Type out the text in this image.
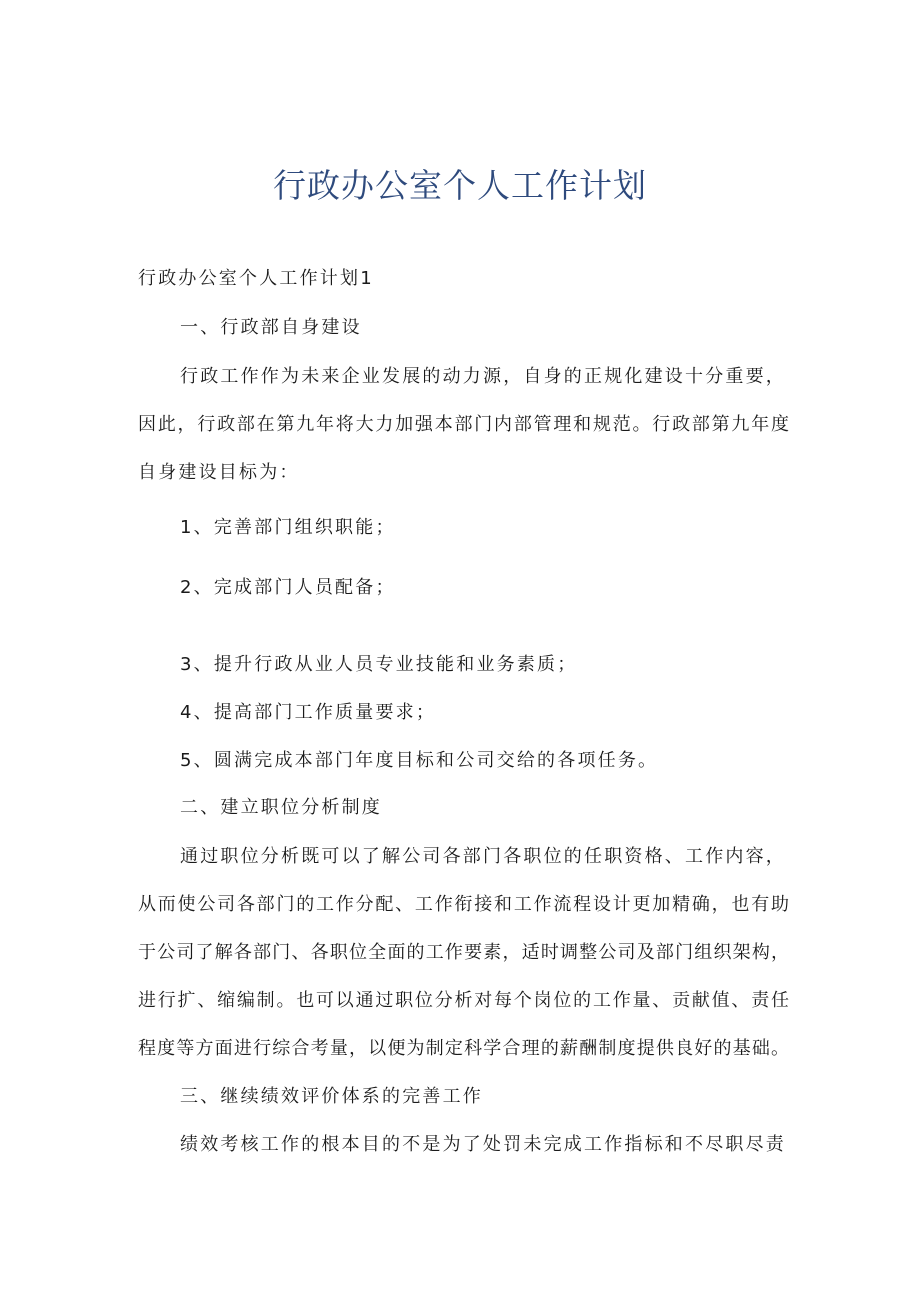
行政办公室个人工作计划
行政办公室个人工作计划1
一、行政部自身建设
行政工作作为未来企业发展的动力源，自身的正规化建设十分重要，
因此，行政部在第九年将大力加强本部门内部管理和规范。行政部第九年度
自身建设目标为：
1、完善部门组织职能；
2、完成部门人员配备；
3、提升行政从业人员专业技能和业务素质；
4、提高部门工作质量要求；
5、圆满完成本部门年度目标和公司交给的各项任务。
二、建立职位分析制度
通过职位分析既可以了解公司各部门各职位的任职资格、工作内容，
从而使公司各部门的工作分配、工作衔接和工作流程设计更加精确，也有助
于公司了解各部门、各职位全面的工作要素，适时调整公司及部门组织架构，
进行扩、缩编制。也可以通过职位分析对每个岗位的工作量、贡献值、责任
程度等方面进行综合考量，以便为制定科学合理的薪酬制度提供良好的基础。
三、继续绩效评价体系的完善工作
绩效考核工作的根本目的不是为了处罚未完成工作指标和不尽职尽责
